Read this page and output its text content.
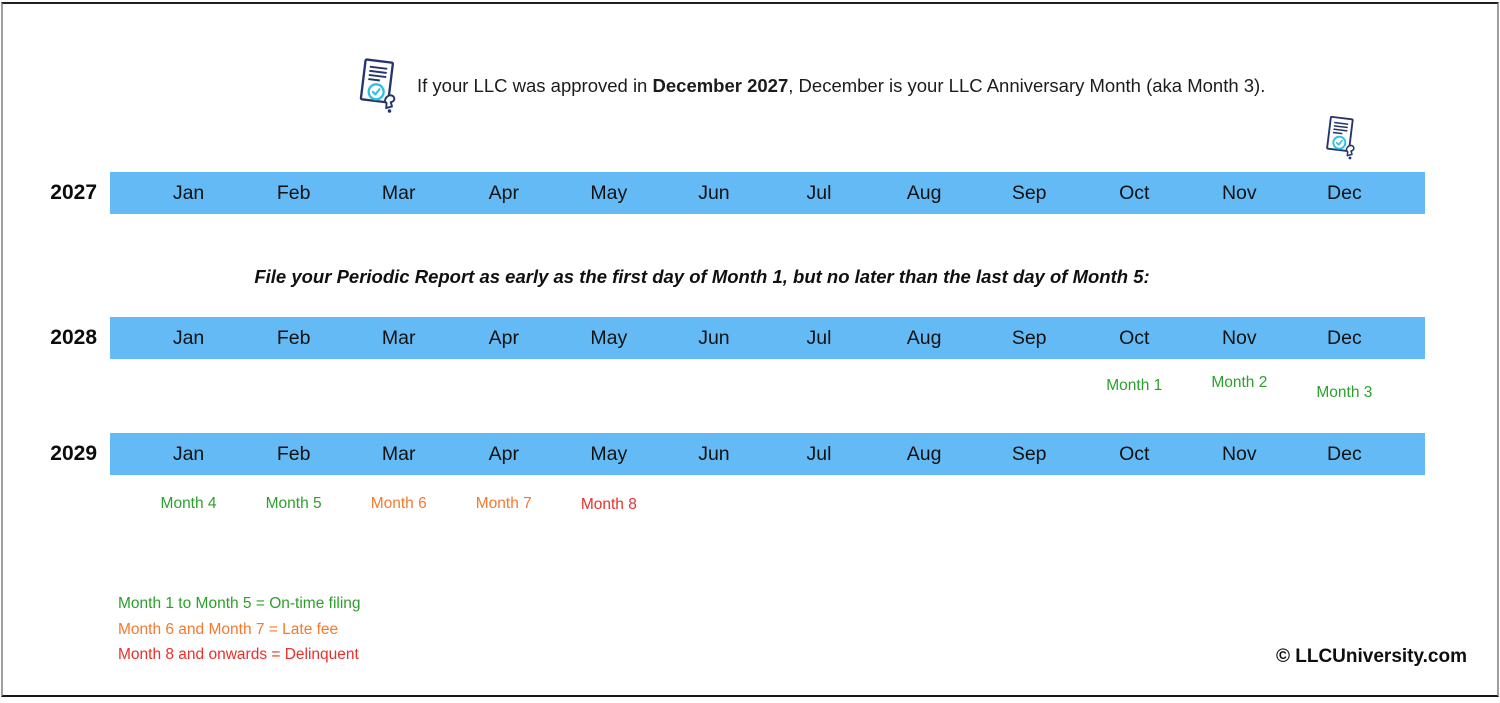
If your LLC was approved in December 2027, December is your LLC Anniversary Month (aka Month 3).
2027	Jan	Feb	Mar	Apr	May	Jun	Jul	Aug	Sep	Oct	Nov	Dec
File your Periodic Report as early as the first day of Month 1, but no later than the last day of Month 5:
2028	Jan	Feb	Mar	Apr	May	Jun	Jul	Aug	Sep	Oct	Nov	Dec
Month 1	Month 2
Month 3
2029	Jan	Feb	Mar	Apr	May	Jun	Jul	Aug	Sep	Oct	Nov	Dec
Month 4	Month 5	Month 6	Month 7	Month 8
Month 1 to Month 5 = On-time filing
Month 6 and Month 7 = Late fee
Month 8 and onwards = Delinquent	© LLCUniversity.com
